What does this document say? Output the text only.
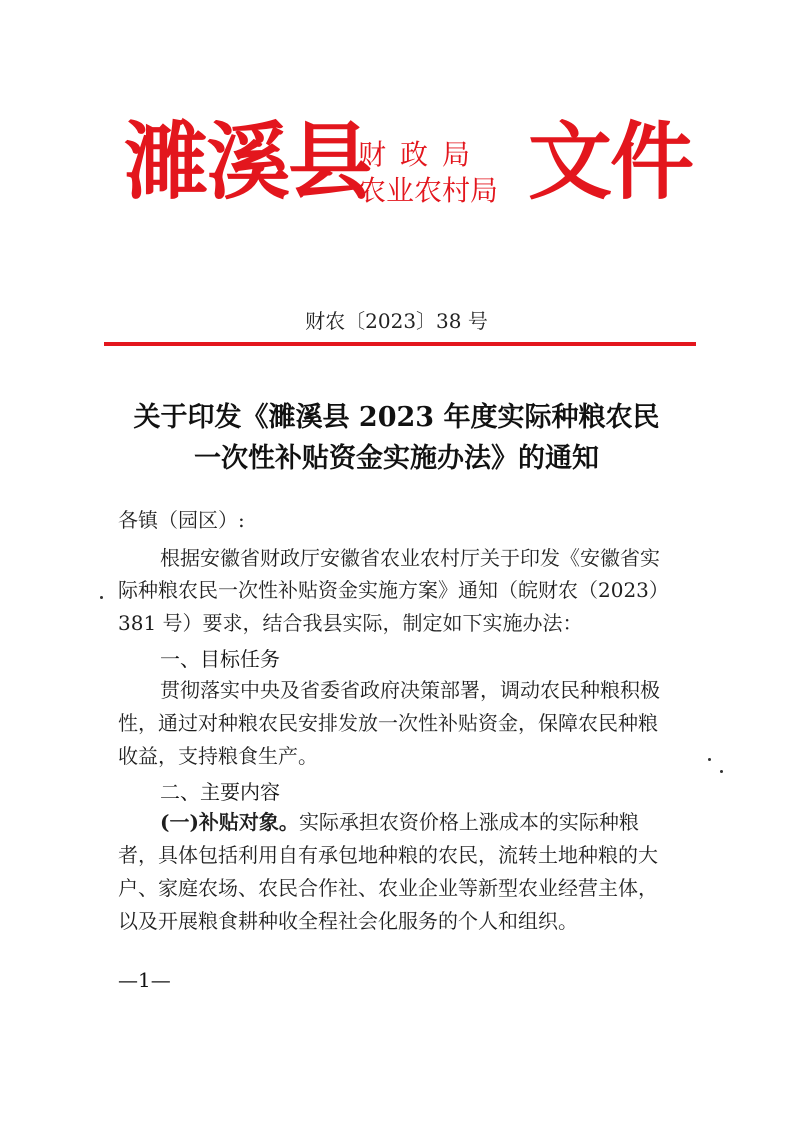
濉溪县
财政局
农业农村局 文件
财农〔2023〕38 号
关于印发《濉溪县 2023 年度实际种粮农民
一次性补贴资金实施办法》的通知
各镇（园区）:
根据安徽省财政厅安徽省农业农村厅关于印发《安徽省实
际种粮农民一次性补贴资金实施方案》通知（皖财农（2023）
381 号）要求，结合我县实际，制定如下实施办法：
一、目标任务
贯彻落实中央及省委省政府决策部署，调动农民种粮积极
性，通过对种粮农民安排发放一次性补贴资金，保障农民种粮
收益，支持粮食生产。
二、主要内容
(一)补贴对象。实际承担农资价格上涨成本的实际种粮
者，具体包括利用自有承包地种粮的农民，流转土地种粮的大
户、家庭农场、农民合作社、农业企业等新型农业经营主体，
以及开展粮食耕种收全程社会化服务的个人和组织。
—1—
